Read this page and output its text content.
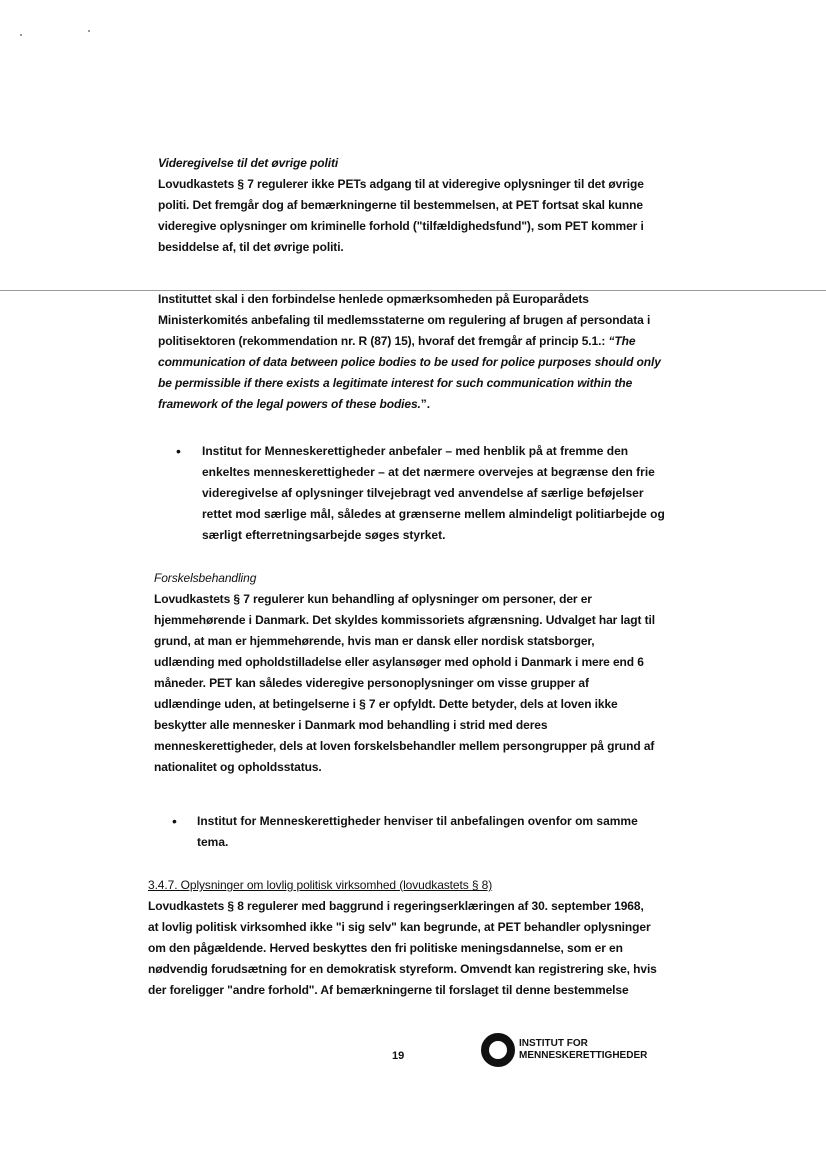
Videregivelse til det øvrige politi
Lovudkastets § 7 regulerer ikke PETs adgang til at videregive oplysninger til det øvrige
politi. Det fremgår dog af bemærkningerne til bestemmelsen, at PET fortsat skal kunne
videregive oplysninger om kriminelle forhold ("tilfældighedsfund"), som PET kommer i
besiddelse af, til det øvrige politi.
Instituttet skal i den forbindelse henlede opmærksomheden på Europarådets
Ministerkomités anbefaling til medlemsstaterne om regulering af brugen af persondata i
politisektoren (rekommendation nr. R (87) 15), hvoraf det fremgår af princip 5.1.: “The
communication of data between police bodies to be used for police purposes should only
be permissible if there exists a legitimate interest for such communication within the
framework of the legal powers of these bodies.”.
• Institut for Menneskerettigheder anbefaler – med henblik på at fremme den
enkeltes menneskerettigheder – at det nærmere overvejes at begrænse den frie
videregivelse af oplysninger tilvejebragt ved anvendelse af særlige beføjelser
rettet mod særlige mål, således at grænserne mellem almindeligt politiarbejde og
særligt efterretningsarbejde søges styrket.
Forskelsbehandling
Lovudkastets § 7 regulerer kun behandling af oplysninger om personer, der er
hjemmehørende i Danmark. Det skyldes kommissoriets afgrænsning. Udvalget har lagt til
grund, at man er hjemmehørende, hvis man er dansk eller nordisk statsborger,
udlænding med opholdstilladelse eller asylansøger med ophold i Danmark i mere end 6
måneder. PET kan således videregive personoplysninger om visse grupper af
udlændinge uden, at betingelserne i § 7 er opfyldt. Dette betyder, dels at loven ikke
beskytter alle mennesker i Danmark mod behandling i strid med deres
menneskerettigheder, dels at loven forskelsbehandler mellem persongrupper på grund af
nationalitet og opholdsstatus.
• Institut for Menneskerettigheder henviser til anbefalingen ovenfor om samme
tema.
3.4.7. Oplysninger om lovlig politisk virksomhed (lovudkastets § 8)
Lovudkastets § 8 regulerer med baggrund i regeringserklæringen af 30. september 1968,
at lovlig politisk virksomhed ikke "i sig selv" kan begrunde, at PET behandler oplysninger
om den pågældende. Herved beskyttes den fri politiske meningsdannelse, som er en
nødvendig forudsætning for en demokratisk styreform. Omvendt kan registrering ske, hvis
der foreligger "andre forhold". Af bemærkningerne til forslaget til denne bestemmelse
19
INSTITUT FOR
MENNESKERETTIGHEDER
